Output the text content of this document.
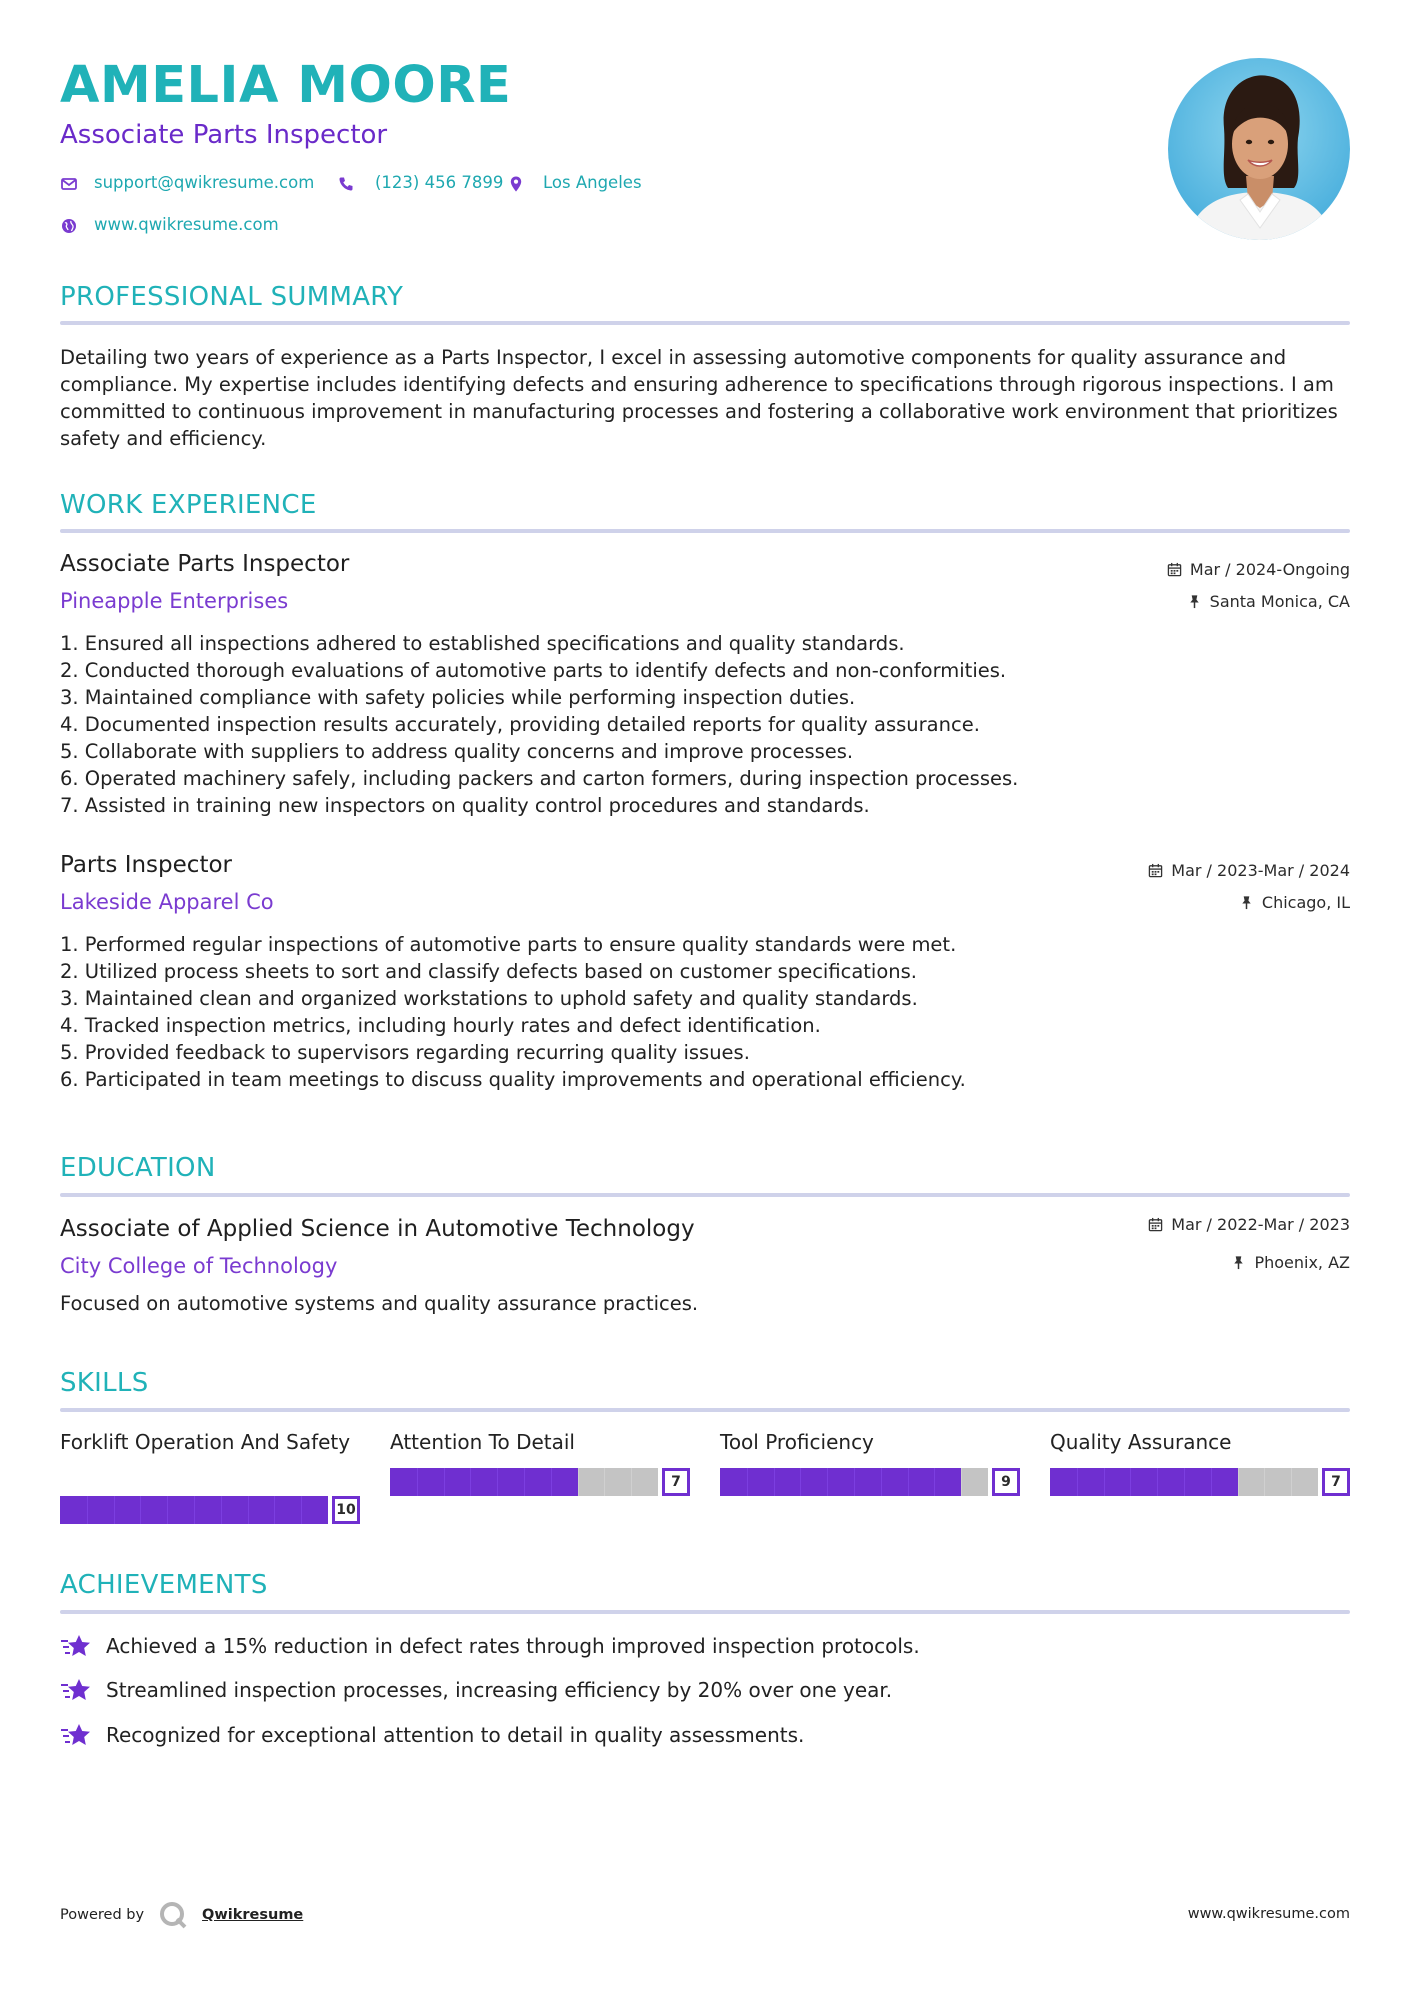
AMELIA MOORE
Associate Parts Inspector
support@qwikresume.com	(123) 456 7899 Los Angeles
www.qwikresume.com
PROFESSIONAL SUMMARY
Detailing two years of experience as a Parts Inspector, I excel in assessing automotive components for quality assurance and compliance. My expertise includes identifying defects and ensuring adherence to specifications through rigorous inspections. I am committed to continuous improvement in manufacturing processes and fostering a collaborative work environment that prioritizes safety and efficiency.
WORK EXPERIENCE
Associate Parts Inspector
Pineapple Enterprises
Mar / 2024-Ongoing
Santa Monica, CA
1. Ensured all inspections adhered to established specifications and quality standards.
2. Conducted thorough evaluations of automotive parts to identify defects and non-conformities.
3. Maintained compliance with safety policies while performing inspection duties.
4. Documented inspection results accurately, providing detailed reports for quality assurance.
5. Collaborate with suppliers to address quality concerns and improve processes.
6. Operated machinery safely, including packers and carton formers, during inspection processes.
7. Assisted in training new inspectors on quality control procedures and standards.
Parts Inspector
Lakeside Apparel Co
Mar / 2023-Mar / 2024
Chicago, IL
1. Performed regular inspections of automotive parts to ensure quality standards were met.
2. Utilized process sheets to sort and classify defects based on customer specifications.
3. Maintained clean and organized workstations to uphold safety and quality standards.
4. Tracked inspection metrics, including hourly rates and defect identification.
5. Provided feedback to supervisors regarding recurring quality issues.
6. Participated in team meetings to discuss quality improvements and operational efficiency.
EDUCATION
Associate of Applied Science in Automotive Technology
City College of Technology
Mar / 2022-Mar / 2023
Phoenix, AZ
Focused on automotive systems and quality assurance practices.
SKILLS
Forklift Operation And Safety
10
Attention To Detail
7
Tool Proficiency
9
Quality Assurance
7
ACHIEVEMENTS
Achieved a 15% reduction in defect rates through improved inspection protocols.
Streamlined inspection processes, increasing efficiency by 20% over one year.
Recognized for exceptional attention to detail in quality assessments.
Powered by	Qwikresume	www.qwikresume.com
